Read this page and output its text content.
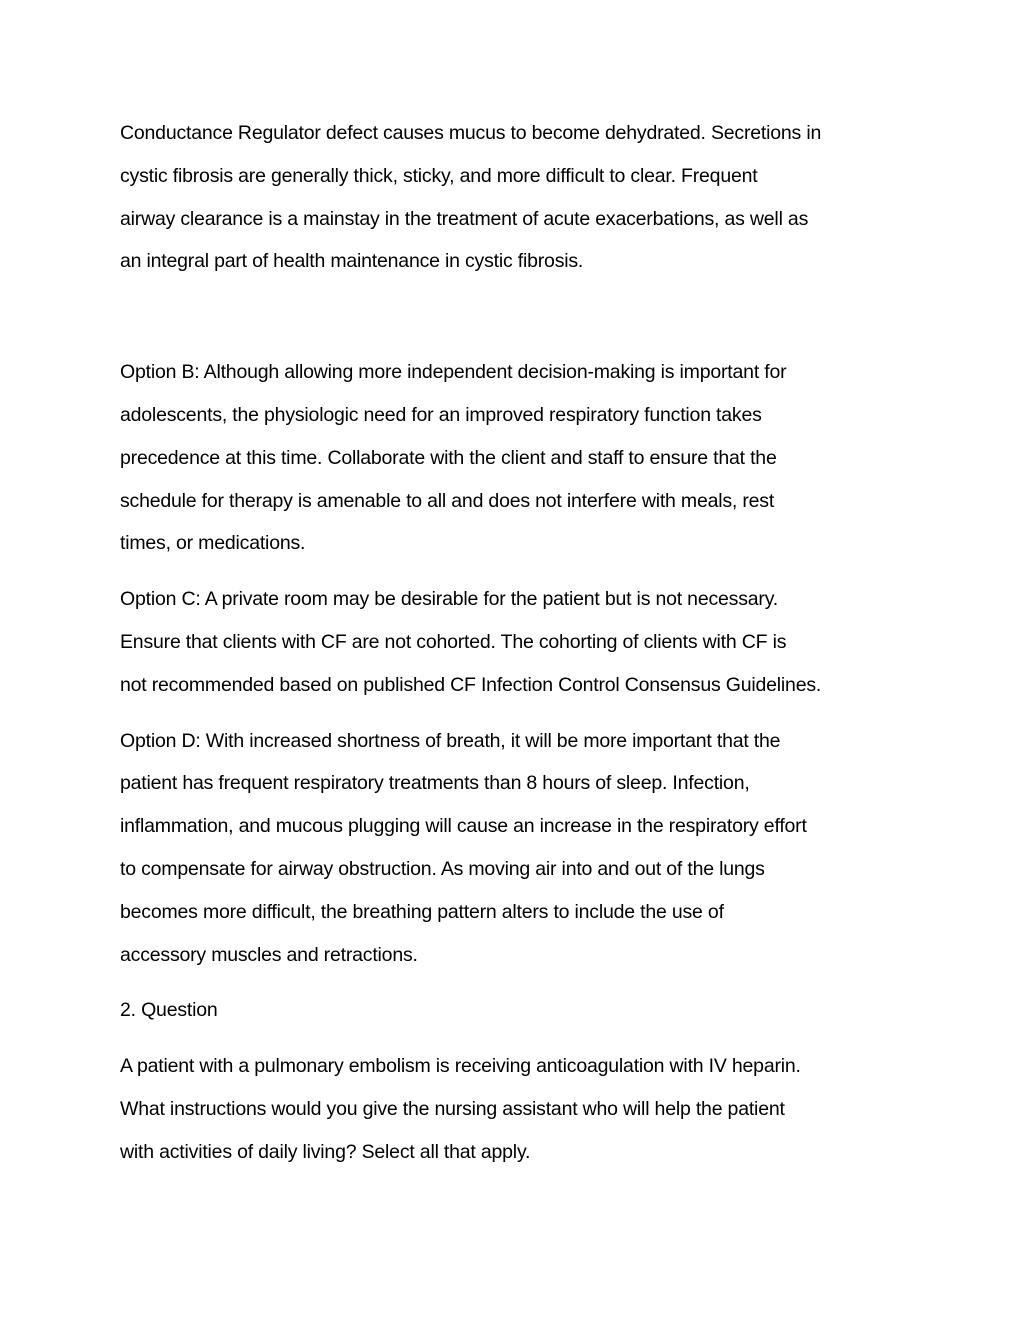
Conductance Regulator defect causes mucus to become dehydrated. Secretions in
cystic fibrosis are generally thick, sticky, and more difficult to clear. Frequent
airway clearance is a mainstay in the treatment of acute exacerbations, as well as
an integral part of health maintenance in cystic fibrosis.

Option B: Although allowing more independent decision-making is important for
adolescents, the physiologic need for an improved respiratory function takes
precedence at this time. Collaborate with the client and staff to ensure that the
schedule for therapy is amenable to all and does not interfere with meals, rest
times, or medications.

Option C: A private room may be desirable for the patient but is not necessary.
Ensure that clients with CF are not cohorted. The cohorting of clients with CF is
not recommended based on published CF Infection Control Consensus Guidelines.

Option D: With increased shortness of breath, it will be more important that the
patient has frequent respiratory treatments than 8 hours of sleep. Infection,
inflammation, and mucous plugging will cause an increase in the respiratory effort
to compensate for airway obstruction. As moving air into and out of the lungs
becomes more difficult, the breathing pattern alters to include the use of
accessory muscles and retractions.

2. Question

A patient with a pulmonary embolism is receiving anticoagulation with IV heparin.
What instructions would you give the nursing assistant who will help the patient
with activities of daily living? Select all that apply.
